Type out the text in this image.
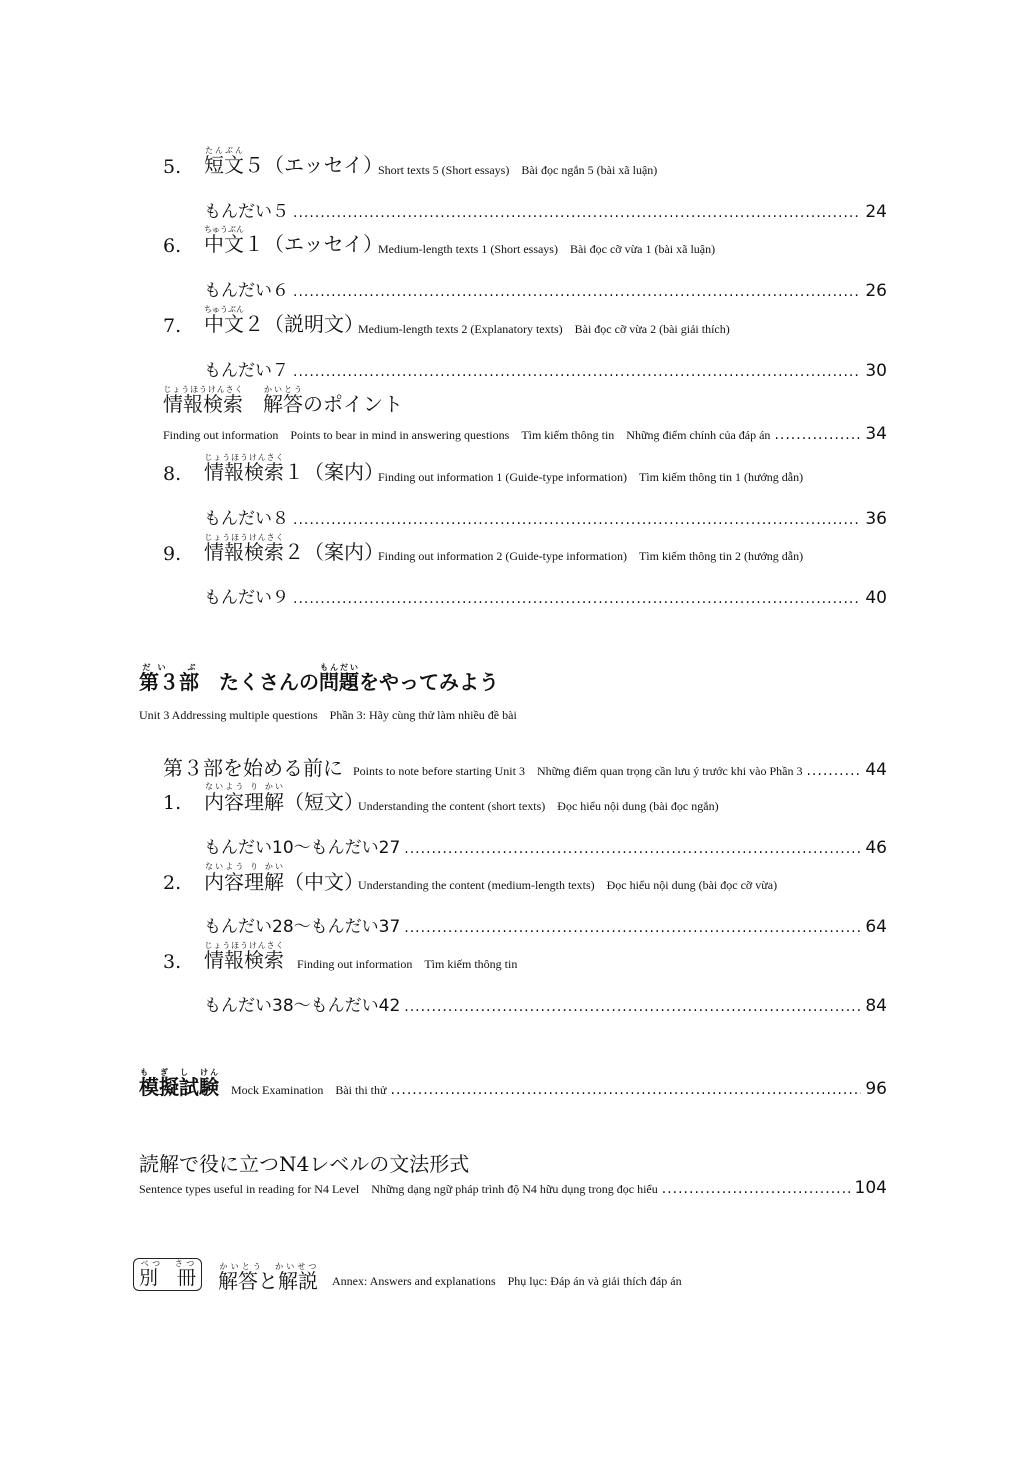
5. 短文たんぶん５（エッセイ）
Short texts 5 (Short essays)　Bài đọc ngắn 5 (bài xã luận)
もんだい５ .....	24
6. 中文ちゅうぶん１（エッセイ）
Medium-length texts 1 (Short essays)　Bài đọc cỡ vừa 1 (bài xã luận)
もんだい６ .....	26
7. 中文ちゅうぶん２（説明文）
Medium-length texts 2 (Explanatory texts)　Bài đọc cỡ vừa 2 (bài giải thích)
もんだい７ .....	30
情報検索じょうほうけんさく　解答かいとうのポイント
Finding out information　Points to bear in mind in answering questions　Tìm kiếm thông tin　Những điểm chính của đáp án .....	34
8. 情報検索じょうほうけんさく１（案内）
Finding out information 1 (Guide-type information)　Tìm kiếm thông tin 1 (hướng dẫn)
もんだい８ .....	36
9. 情報検索じょうほうけんさく２（案内）
Finding out information 2 (Guide-type information)　Tìm kiếm thông tin 2 (hướng dẫn)
もんだい９ .....	40
第３部だい　ぶ　たくさんの問題もんだいをやってみよう
Unit 3 Addressing multiple questions　Phần 3: Hãy cùng thử làm nhiều đề bài
第３部を始める前に Points to note before starting Unit 3　Những điểm quan trọng cần lưu ý trước khi vào Phần 3 .....	44
1. 内容理解ないよう り かい（短文）
Understanding the content (short texts)　Đọc hiểu nội dung (bài đọc ngắn)
もんだい10〜もんだい27 .....	46
2. 内容理解ないよう り かい（中文）
Understanding the content (medium-length texts)　Đọc hiểu nội dung (bài đọc cỡ vừa)
もんだい28〜もんだい37 .....	64
3. 情報検索じょうほうけんさく
Finding out information　Tìm kiếm thông tin
もんだい38〜もんだい42 .....	84
模擬試験も　ぎ　し　けん
Mock Examination　Bài thi thử .....	96
読解で役に立つN4レベルの文法形式
Sentence types useful in reading for N4 Level　Những dạng ngữ pháp trình độ N4 hữu dụng trong đọc hiểu .....	104
別　冊べつ　さつ
解答と解説かいとう　かいせつ
Annex: Answers and explanations　Phụ lục: Đáp án và giải thích đáp án
